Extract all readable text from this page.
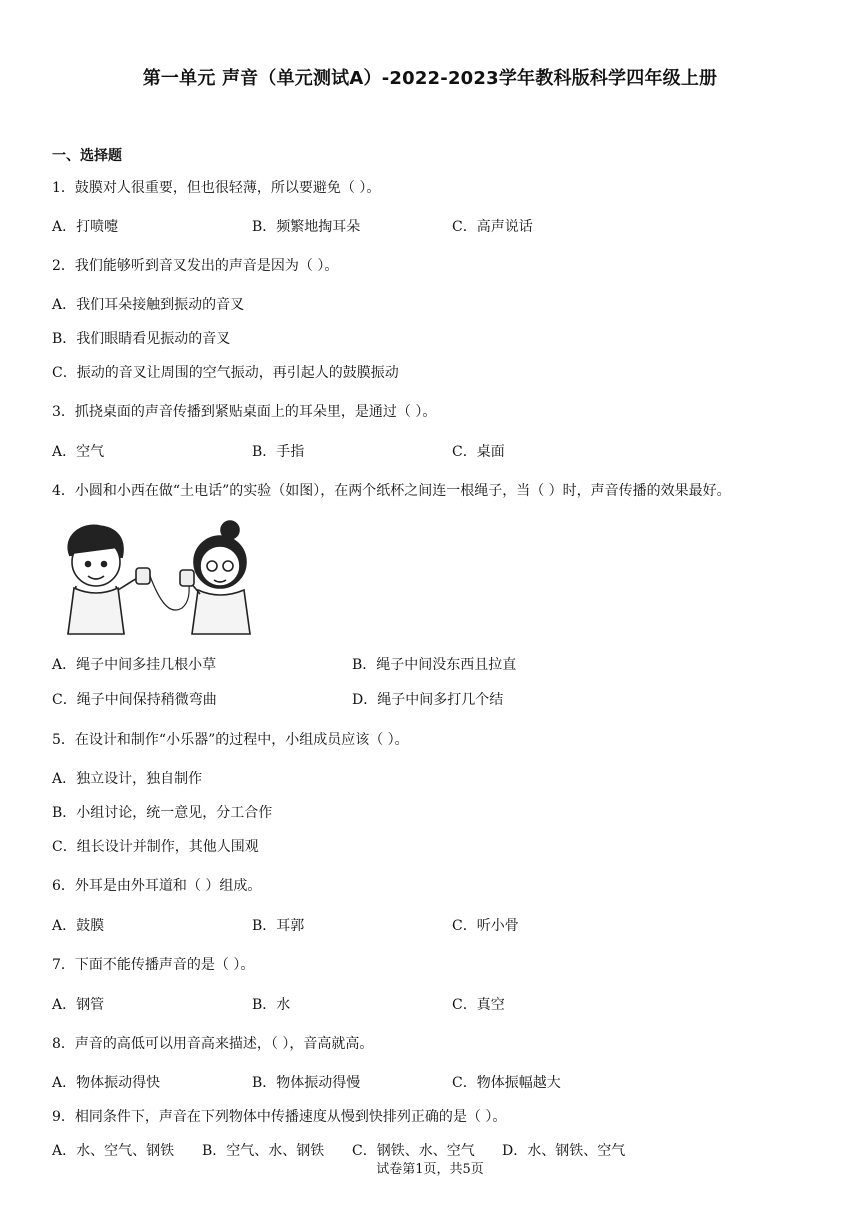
第一单元 声音（单元测试A）-2022-2023学年教科版科学四年级上册
一、选择题
1．鼓膜对人很重要，但也很轻薄，所以要避免（ ）。
A．打喷嚏	B．频繁地掏耳朵	C．高声说话
2．我们能够听到音叉发出的声音是因为（ ）。
A．我们耳朵接触到振动的音叉
B．我们眼睛看见振动的音叉
C．振动的音叉让周围的空气振动，再引起人的鼓膜振动
3．抓挠桌面的声音传播到紧贴桌面上的耳朵里，是通过（ ）。
A．空气	B．手指	C．桌面
4．小圆和小西在做“土电话”的实验（如图），在两个纸杯之间连一根绳子，当（ ）时，声音传播的效果最好。
A．绳子中间多挂几根小草	B．绳子中间没东西且拉直
C．绳子中间保持稍微弯曲	D．绳子中间多打几个结
5．在设计和制作“小乐器”的过程中，小组成员应该（ ）。
A．独立设计，独自制作
B．小组讨论，统一意见，分工合作
C．组长设计并制作，其他人围观
6．外耳是由外耳道和（ ）组成。
A．鼓膜	B．耳郭	C．听小骨
7．下面不能传播声音的是（ ）。
A．钢管	B．水	C．真空
8．声音的高低可以用音高来描述，（ ），音高就高。
A．物体振动得快	B．物体振动得慢	C．物体振幅越大
9．相同条件下，声音在下列物体中传播速度从慢到快排列正确的是（ ）。
A．水、空气、钢铁 B．空气、水、钢铁 C．钢铁、水、空气 D．水、钢铁、空气
试卷第1页，共5页
